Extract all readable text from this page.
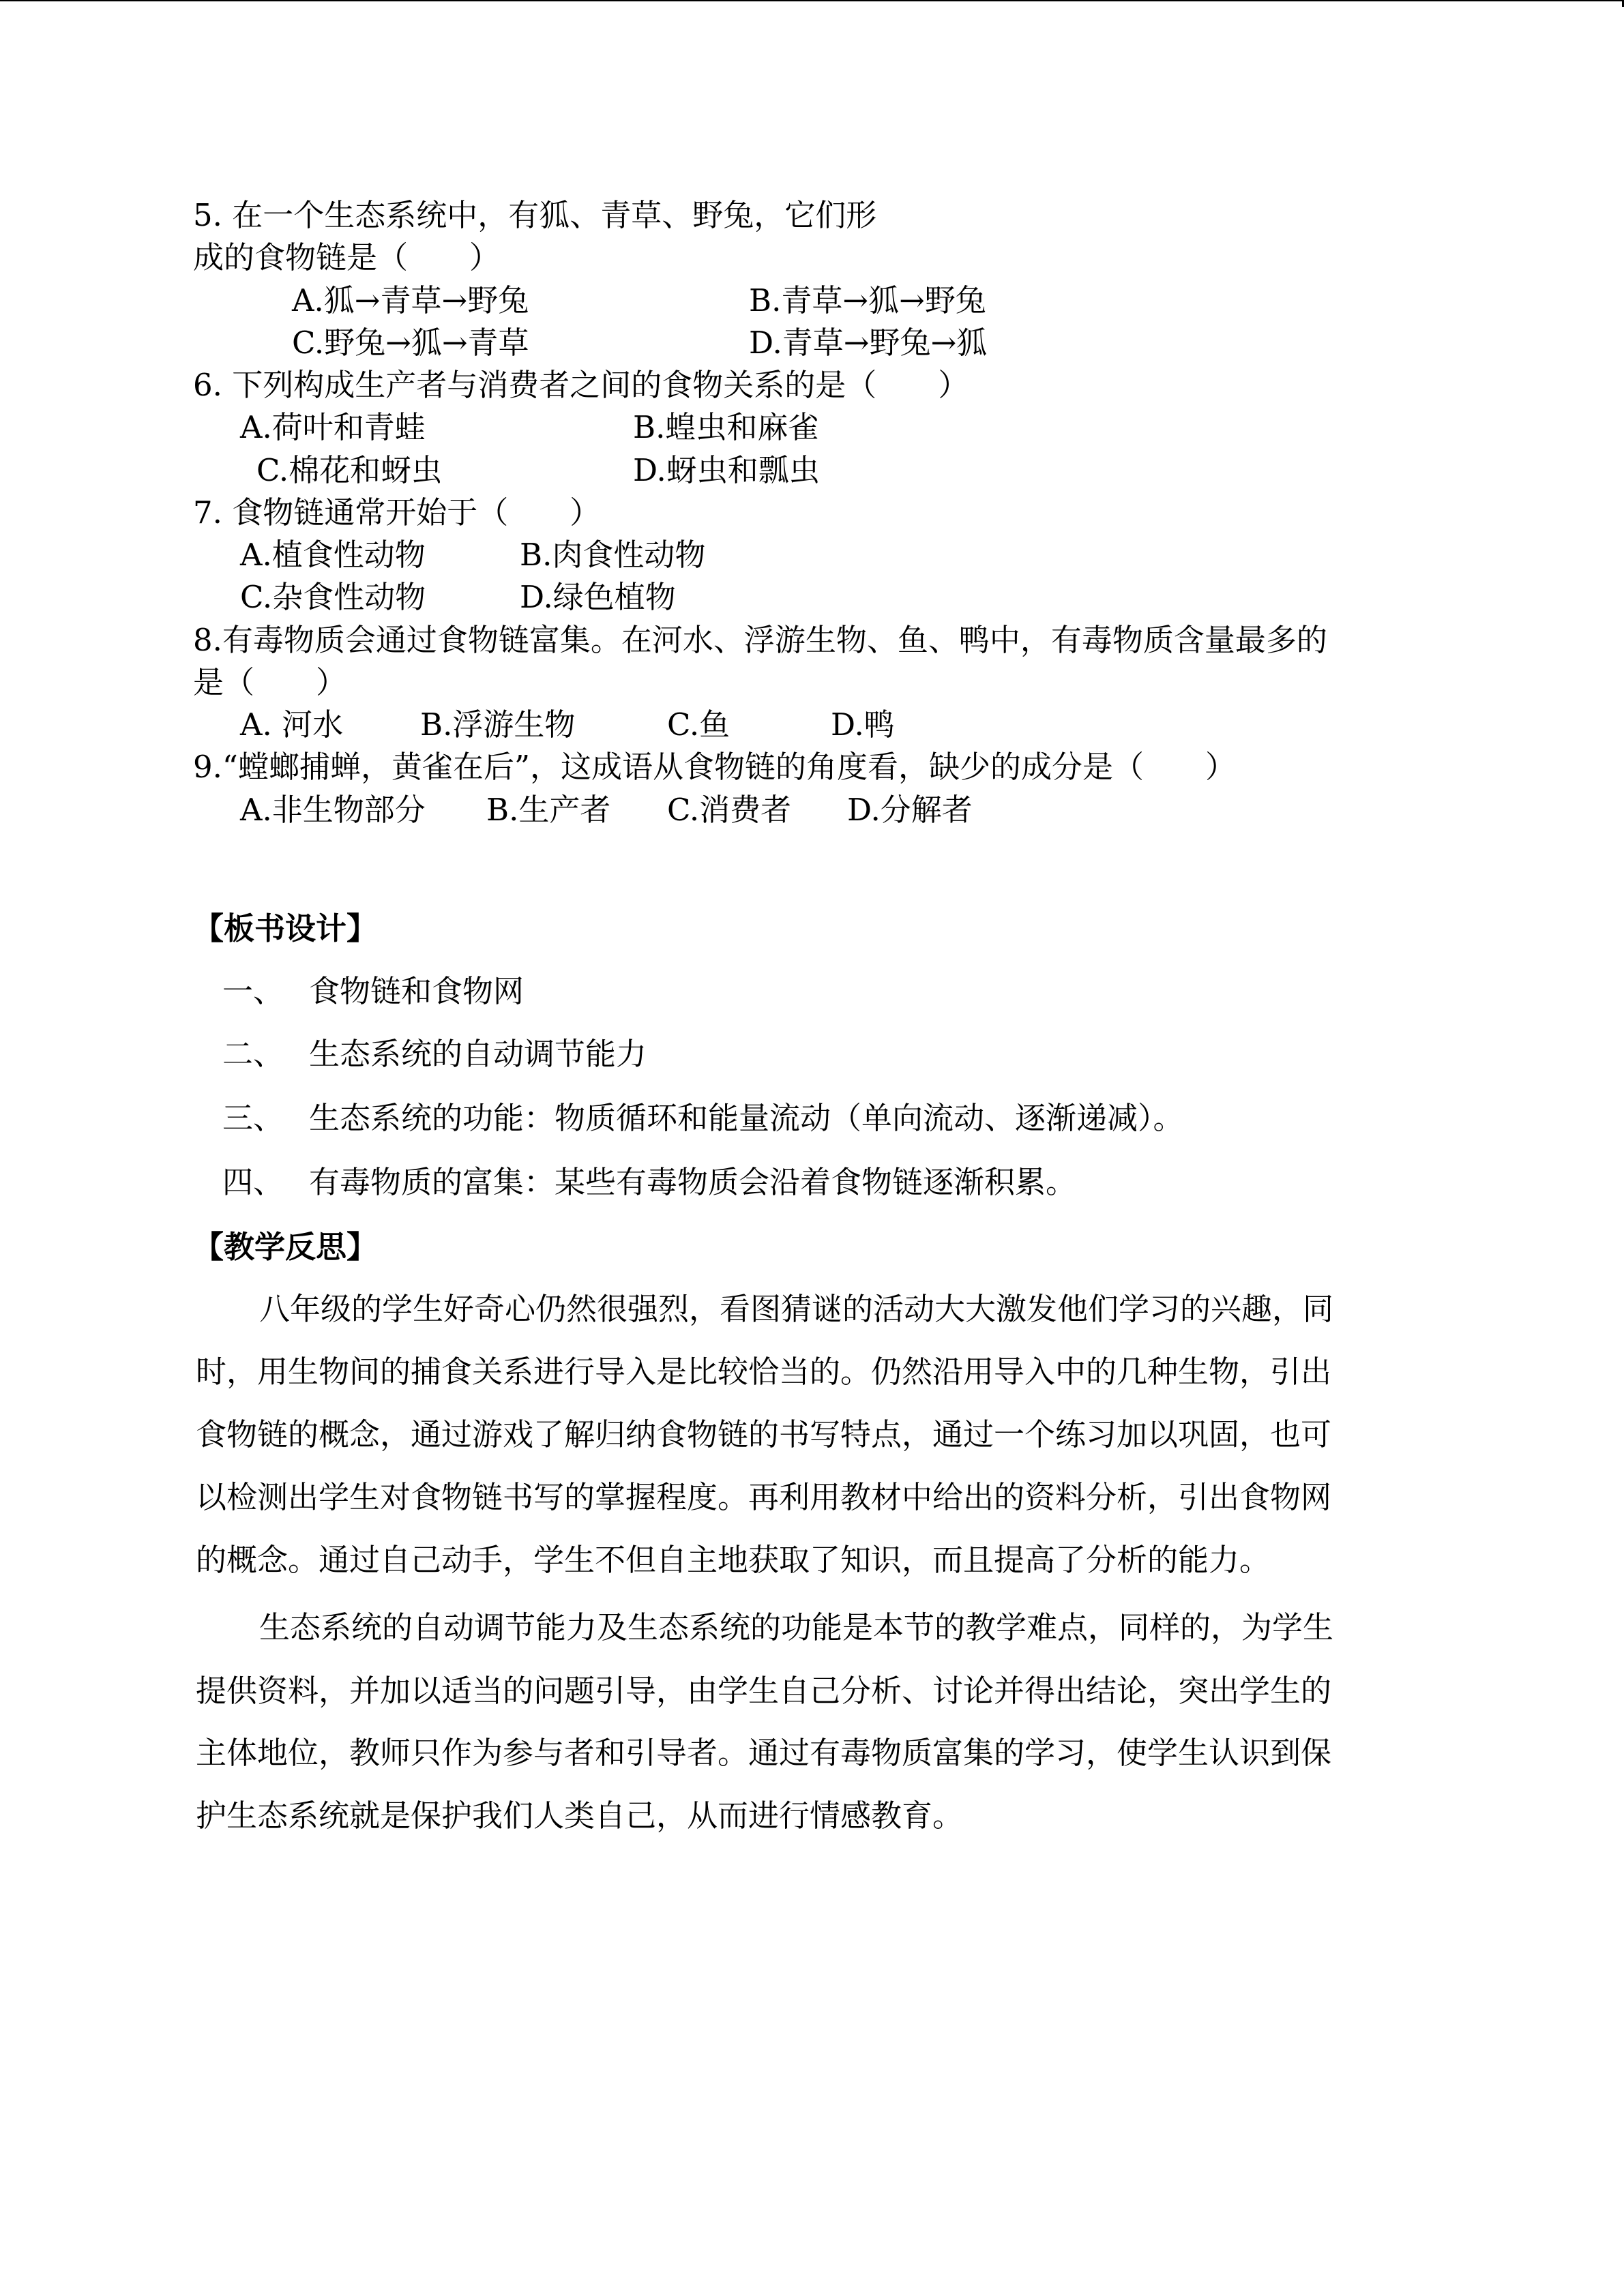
5. 在一个生态系统中，有狐、青草、野兔，它们形
成的食物链是（　　）
A.狐→青草→野兔	B.青草→狐→野兔
C.野兔→狐→青草	D.青草→野兔→狐
6. 下列构成生产者与消费者之间的食物关系的是（　　）
A.荷叶和青蛙	B.蝗虫和麻雀
C.棉花和蚜虫	D.蚜虫和瓢虫
7. 食物链通常开始于（　　）
A.植食性动物	B.肉食性动物
C.杂食性动物	D.绿色植物
8.有毒物质会通过食物链富集。在河水、浮游生物、鱼、鸭中，有毒物质含量最多的
是（　　）
A. 河水	B.浮游生物	C.鱼	D.鸭
9.“螳螂捕蝉，黄雀在后”，这成语从食物链的角度看，缺少的成分是（　　）
A.非生物部分 B.生产者 C.消费者 D.分解者
【板书设计】
一、 食物链和食物网
二、 生态系统的自动调节能力
三、 生态系统的功能：物质循环和能量流动（单向流动、逐渐递减）。
四、 有毒物质的富集：某些有毒物质会沿着食物链逐渐积累。
【教学反思】
八年级的学生好奇心仍然很强烈，看图猜谜的活动大大激发他们学习的兴趣，同
时，用生物间的捕食关系进行导入是比较恰当的。仍然沿用导入中的几种生物，引出
食物链的概念，通过游戏了解归纳食物链的书写特点，通过一个练习加以巩固，也可
以检测出学生对食物链书写的掌握程度。再利用教材中给出的资料分析，引出食物网
的概念。通过自己动手，学生不但自主地获取了知识，而且提高了分析的能力。
生态系统的自动调节能力及生态系统的功能是本节的教学难点，同样的，为学生
提供资料，并加以适当的问题引导，由学生自己分析、讨论并得出结论，突出学生的
主体地位，教师只作为参与者和引导者。通过有毒物质富集的学习，使学生认识到保
护生态系统就是保护我们人类自己，从而进行情感教育。
